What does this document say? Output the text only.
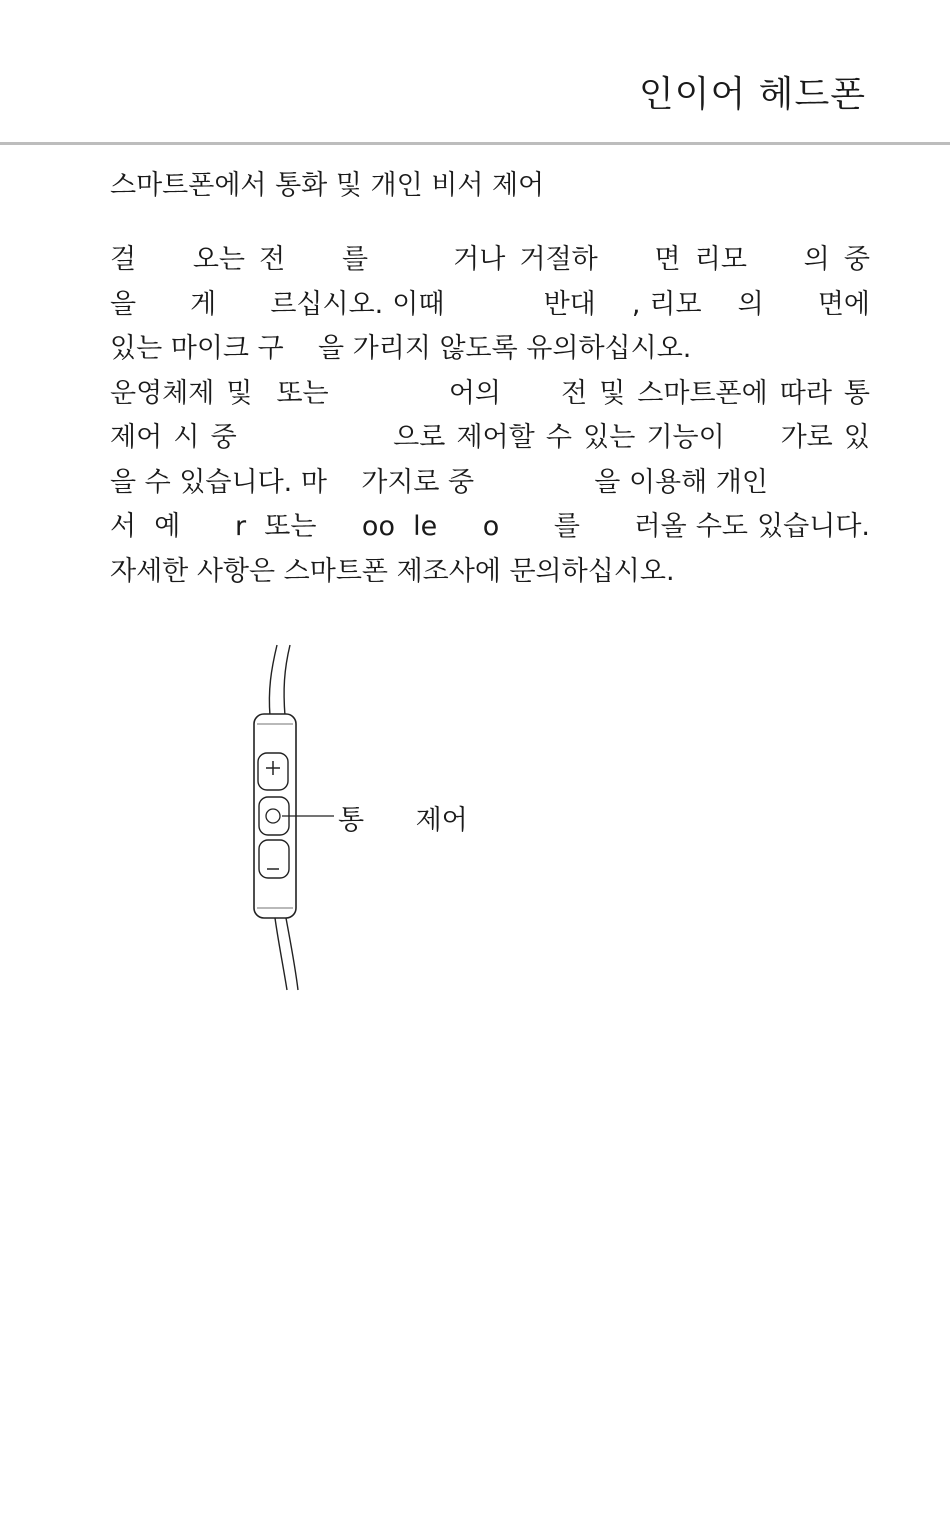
인이어 헤드폰
스마트폰에서 통화 및 개인 비서 제어
걸    오는 전    를      거나 거절하    면 리모    의 중
을      게      르십시오. 이때           반대    , 리모    의      면에
있는 마이크 구    을 가리지 않도록 유의하십시오.
운영체제 및  또는          어의     전 및 스마트폰에 따라 통
제어 시 중              으로 제어할 수 있는 기능이     가로 있
을 수 있습니다. 마    가지로 중              을 이용해 개인
서  예      r  또는     oo  le     o      를      러올 수도 있습니다.
자세한 사항은 스마트폰 제조사에 문의하십시오.
통      제어
